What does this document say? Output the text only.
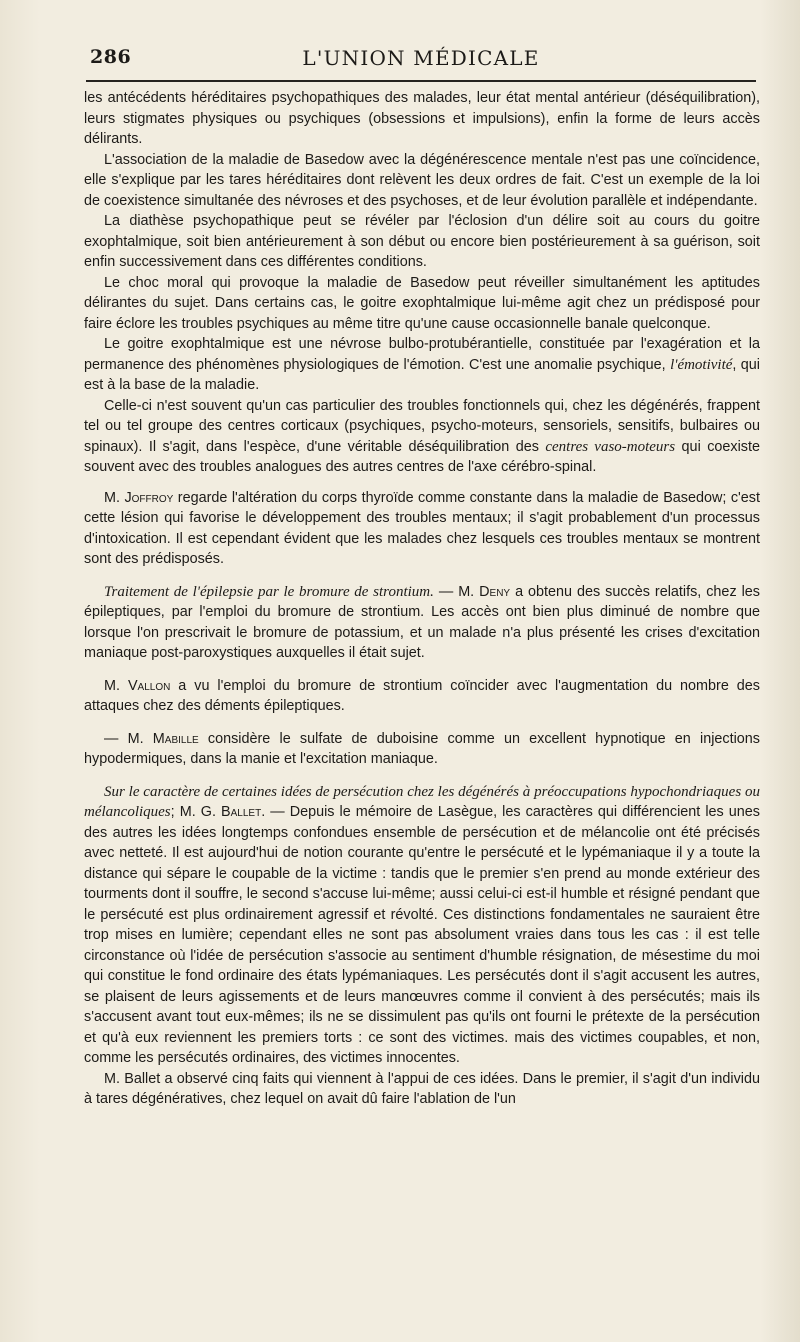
286	L'UNION MÉDICALE

les antécédents héréditaires psychopathiques des malades, leur état mental antérieur (déséquilibration), leurs stigmates physiques ou psychiques (obsessions et impulsions), enfin la forme de leurs accès délirants.

L'association de la maladie de Basedow avec la dégénérescence mentale n'est pas une coïncidence, elle s'explique par les tares héréditaires dont relèvent les deux ordres de fait. C'est un exemple de la loi de coexistence simultanée des névroses et des psychoses, et de leur évolution parallèle et indépendante.

La diathèse psychopathique peut se révéler par l'éclosion d'un délire soit au cours du goitre exophtalmique, soit bien antérieurement à son début ou encore bien postérieurement à sa guérison, soit enfin successivement dans ces différentes conditions.

Le choc moral qui provoque la maladie de Basedow peut réveiller simultanément les aptitudes délirantes du sujet. Dans certains cas, le goitre exophtalmique lui-même agit chez un prédisposé pour faire éclore les troubles psychiques au même titre qu'une cause occasionnelle banale quelconque.

Le goitre exophtalmique est une névrose bulbo-protubérantielle, constituée par l'exagération et la permanence des phénomènes physiologiques de l'émotion. C'est une anomalie psychique, l'émotivité, qui est à la base de la maladie.

Celle-ci n'est souvent qu'un cas particulier des troubles fonctionnels qui, chez les dégénérés, frappent tel ou tel groupe des centres corticaux (psychiques, psycho-moteurs, sensoriels, sensitifs, bulbaires ou spinaux). Il s'agit, dans l'espèce, d'une véritable déséquilibration des centres vaso-moteurs qui coexiste souvent avec des troubles analogues des autres centres de l'axe cérébro-spinal.

M. Joffroy regarde l'altération du corps thyroïde comme constante dans la maladie de Basedow; c'est cette lésion qui favorise le développement des troubles mentaux; il s'agit probablement d'un processus d'intoxication. Il est cependant évident que les malades chez lesquels ces troubles mentaux se montrent sont des prédisposés.

Traitement de l'épilepsie par le bromure de strontium. — M. Deny a obtenu des succès relatifs, chez les épileptiques, par l'emploi du bromure de strontium. Les accès ont bien plus diminué de nombre que lorsque l'on prescrivait le bromure de potassium, et un malade n'a plus présenté les crises d'excitation maniaque post-paroxystiques auxquelles il était sujet.

M. Vallon a vu l'emploi du bromure de strontium coïncider avec l'augmentation du nombre des attaques chez des déments épileptiques.

— M. Mabille considère le sulfate de duboisine comme un excellent hypnotique en injections hypodermiques, dans la manie et l'excitation maniaque.

Sur le caractère de certaines idées de persécution chez les dégénérés à préoccupations hypochondriaques ou mélancoliques; M. G. Ballet. — Depuis le mémoire de Lasègue, les caractères qui différencient les unes des autres les idées longtemps confondues ensemble de persécution et de mélancolie ont été précisés avec netteté. Il est aujourd'hui de notion courante qu'entre le persécuté et le lypémaniaque il y a toute la distance qui sépare le coupable de la victime : tandis que le premier s'en prend au monde extérieur des tourments dont il souffre, le second s'accuse lui-même; aussi celui-ci est-il humble et résigné pendant que le persécuté est plus ordinairement agressif et révolté. Ces distinctions fondamentales ne sauraient être trop mises en lumière; cependant elles ne sont pas absolument vraies dans tous les cas : il est telle circonstance où l'idée de persécution s'associe au sentiment d'humble résignation, de mésestime du moi qui constitue le fond ordinaire des états lypémaniaques. Les persécutés dont il s'agit accusent les autres, se plaisent de leurs agissements et de leurs manœuvres comme il convient à des persécutés; mais ils s'accusent avant tout eux-mêmes; ils ne se dissimulent pas qu'ils ont fourni le prétexte de la persécution et qu'à eux reviennent les premiers torts : ce sont des victimes. mais des victimes coupables, et non, comme les persécutés ordinaires, des victimes innocentes.

M. Ballet a observé cinq faits qui viennent à l'appui de ces idées. Dans le premier, il s'agit d'un individu à tares dégénératives, chez lequel on avait dû faire l'ablation de l'un
